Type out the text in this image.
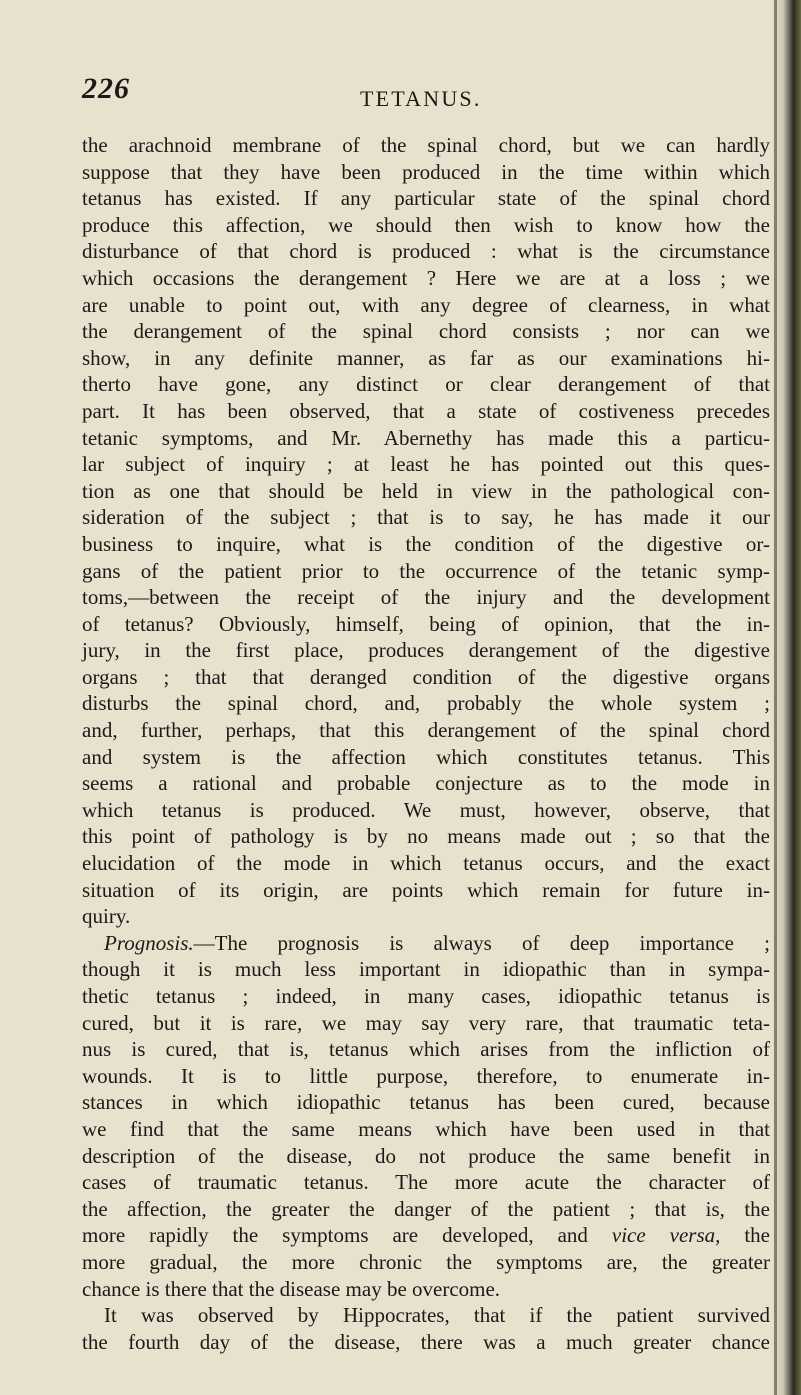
226	TETANUS.
the arachnoid membrane of the spinal chord, but we can hardly
suppose that they have been produced in the time within which
tetanus has existed. If any particular state of the spinal chord
produce this affection, we should then wish to know how the
disturbance of that chord is produced : what is the circumstance
which occasions the derangement ? Here we are at a loss ; we
are unable to point out, with any degree of clearness, in what
the derangement of the spinal chord consists ; nor can we
show, in any definite manner, as far as our examinations hi-
therto have gone, any distinct or clear derangement of that
part. It has been observed, that a state of costiveness precedes
tetanic symptoms, and Mr. Abernethy has made this a particu-
lar subject of inquiry ; at least he has pointed out this ques-
tion as one that should be held in view in the pathological con-
sideration of the subject ; that is to say, he has made it our
business to inquire, what is the condition of the digestive or-
gans of the patient prior to the occurrence of the tetanic symp-
toms,—between the receipt of the injury and the development
of tetanus? Obviously, himself, being of opinion, that the in-
jury, in the first place, produces derangement of the digestive
organs ; that that deranged condition of the digestive organs
disturbs the spinal chord, and, probably the whole system ;
and, further, perhaps, that this derangement of the spinal chord
and system is the affection which constitutes tetanus. This
seems a rational and probable conjecture as to the mode in
which tetanus is produced. We must, however, observe, that
this point of pathology is by no means made out ; so that the
elucidation of the mode in which tetanus occurs, and the exact
situation of its origin, are points which remain for future in-
quiry.
Prognosis.—The prognosis is always of deep importance ;
though it is much less important in idiopathic than in sympa-
thetic tetanus ; indeed, in many cases, idiopathic tetanus is
cured, but it is rare, we may say very rare, that traumatic teta-
nus is cured, that is, tetanus which arises from the infliction of
wounds. It is to little purpose, therefore, to enumerate in-
stances in which idiopathic tetanus has been cured, because
we find that the same means which have been used in that
description of the disease, do not produce the same benefit in
cases of traumatic tetanus. The more acute the character of
the affection, the greater the danger of the patient ; that is, the
more rapidly the symptoms are developed, and vice versa, the
more gradual, the more chronic the symptoms are, the greater
chance is there that the disease may be overcome.
It was observed by Hippocrates, that if the patient survived
the fourth day of the disease, there was a much greater chance
